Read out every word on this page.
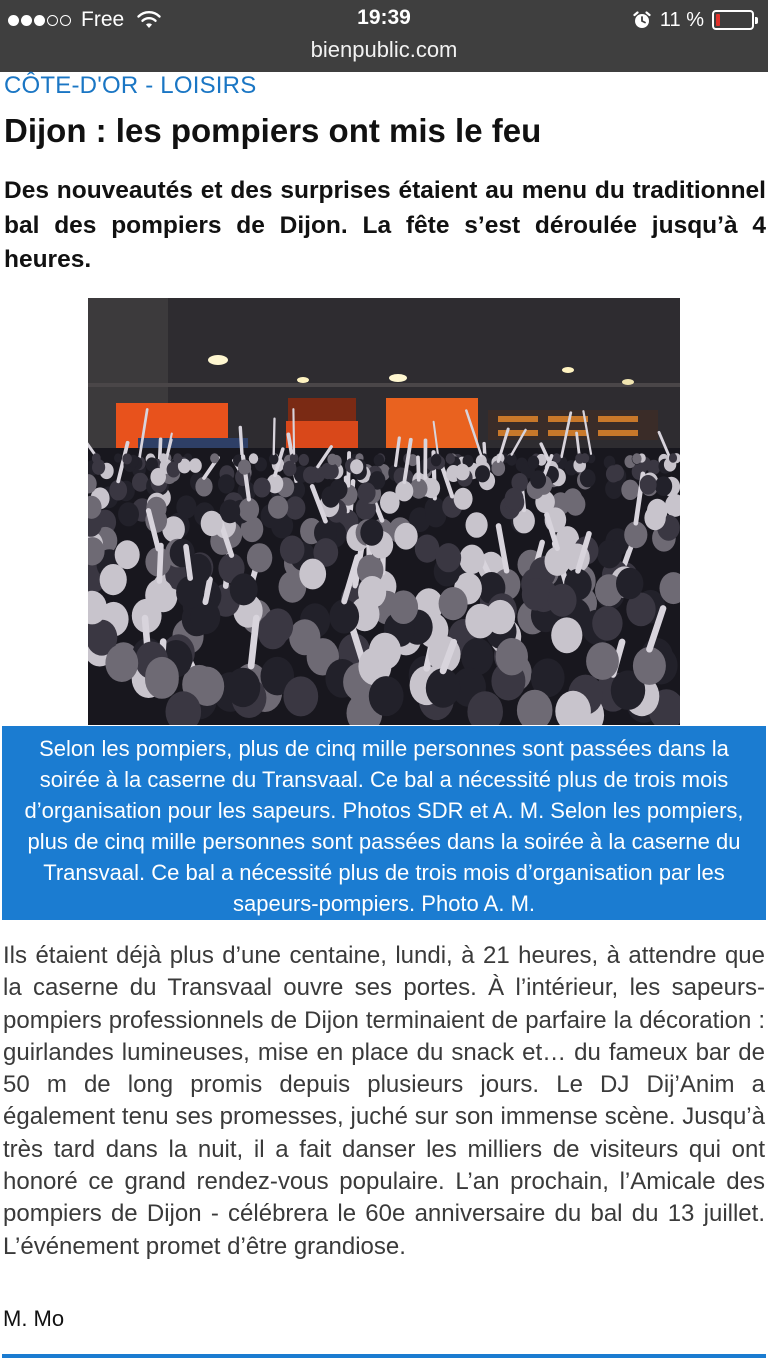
Free	19:39	11 %
bienpublic.com
CÔTE-D'OR - LOISIRS
Dijon : les pompiers ont mis le feu

Des nouveautés et des surprises étaient au menu du traditionnel bal des pompiers de Dijon. La fête s’est déroulée jusqu’à 4 heures.

Selon les pompiers, plus de cinq mille personnes sont passées dans la soirée à la caserne du Transvaal. Ce bal a nécessité plus de trois mois d’organisation pour les sapeurs. Photos SDR et A. M. Selon les pompiers, plus de cinq mille personnes sont passées dans la soirée à la caserne du Transvaal. Ce bal a nécessité plus de trois mois d’organisation par les sapeurs-pompiers. Photo A. M.

Ils étaient déjà plus d’une centaine, lundi, à 21 heures, à attendre que la caserne du Transvaal ouvre ses portes. À l’intérieur, les sapeurs-pompiers professionnels de Dijon terminaient de parfaire la décoration : guirlandes lumineuses, mise en place du snack et… du fameux bar de 50 m de long promis depuis plusieurs jours. Le DJ Dij’Anim a également tenu ses promesses, juché sur son immense scène. Jusqu’à très tard dans la nuit, il a fait danser les milliers de visiteurs qui ont honoré ce grand rendez-vous populaire. L’an prochain, l’Amicale des pompiers de Dijon - célébrera le 60e anniversaire du bal du 13 juillet. L’événement promet d’être grandiose.

M. Mo
